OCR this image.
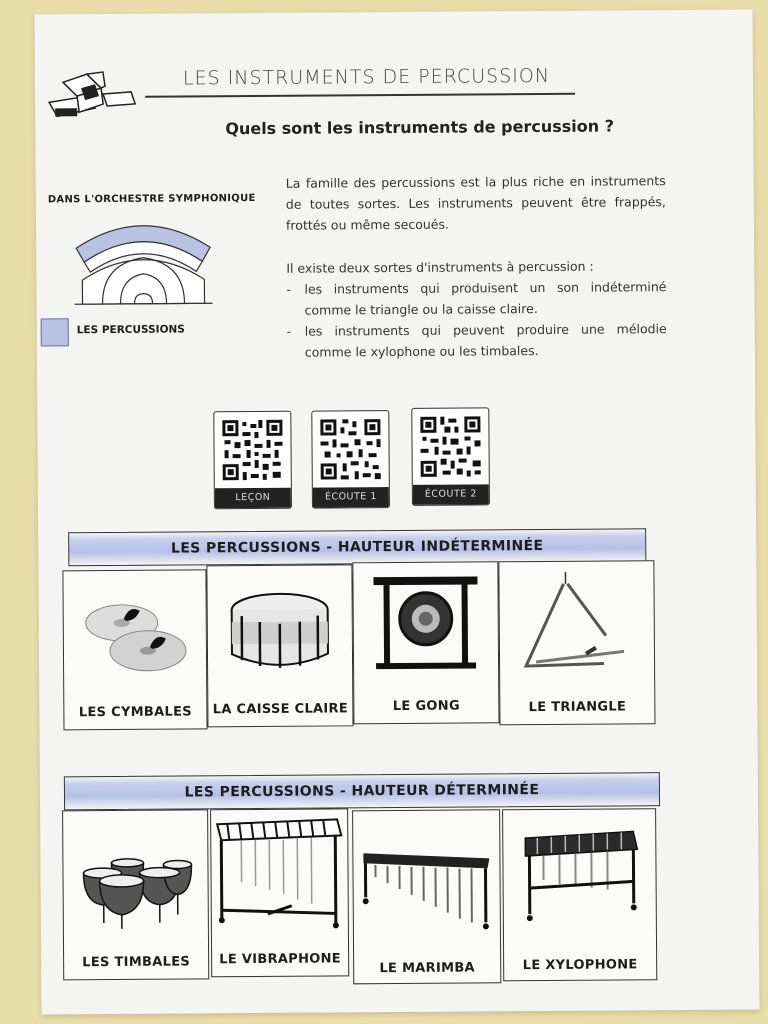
LES INSTRUMENTS DE PERCUSSION
Quels sont les instruments de percussion ?
DANS L'ORCHESTRE SYMPHONIQUE
LES PERCUSSIONS
La famille des percussions est la plus riche en instruments de toutes sortes. Les instruments peuvent être frappés, frottés ou même secoués.
Il existe deux sortes d'instruments à percussion :
- les instruments qui produisent un son indéterminé comme le triangle ou la caisse claire.
- les instruments qui peuvent produire une mélodie comme le xylophone ou les timbales.
LEÇON	ÉCOUTE 1	ÉCOUTE 2
LES PERCUSSIONS - HAUTEUR INDÉTERMINÉE
LES CYMBALES	LA CAISSE CLAIRE	LE GONG	LE TRIANGLE
LES PERCUSSIONS - HAUTEUR DÉTERMINÉE
LES TIMBALES	LE VIBRAPHONE
LE MARIMBA	LE XYLOPHONE
